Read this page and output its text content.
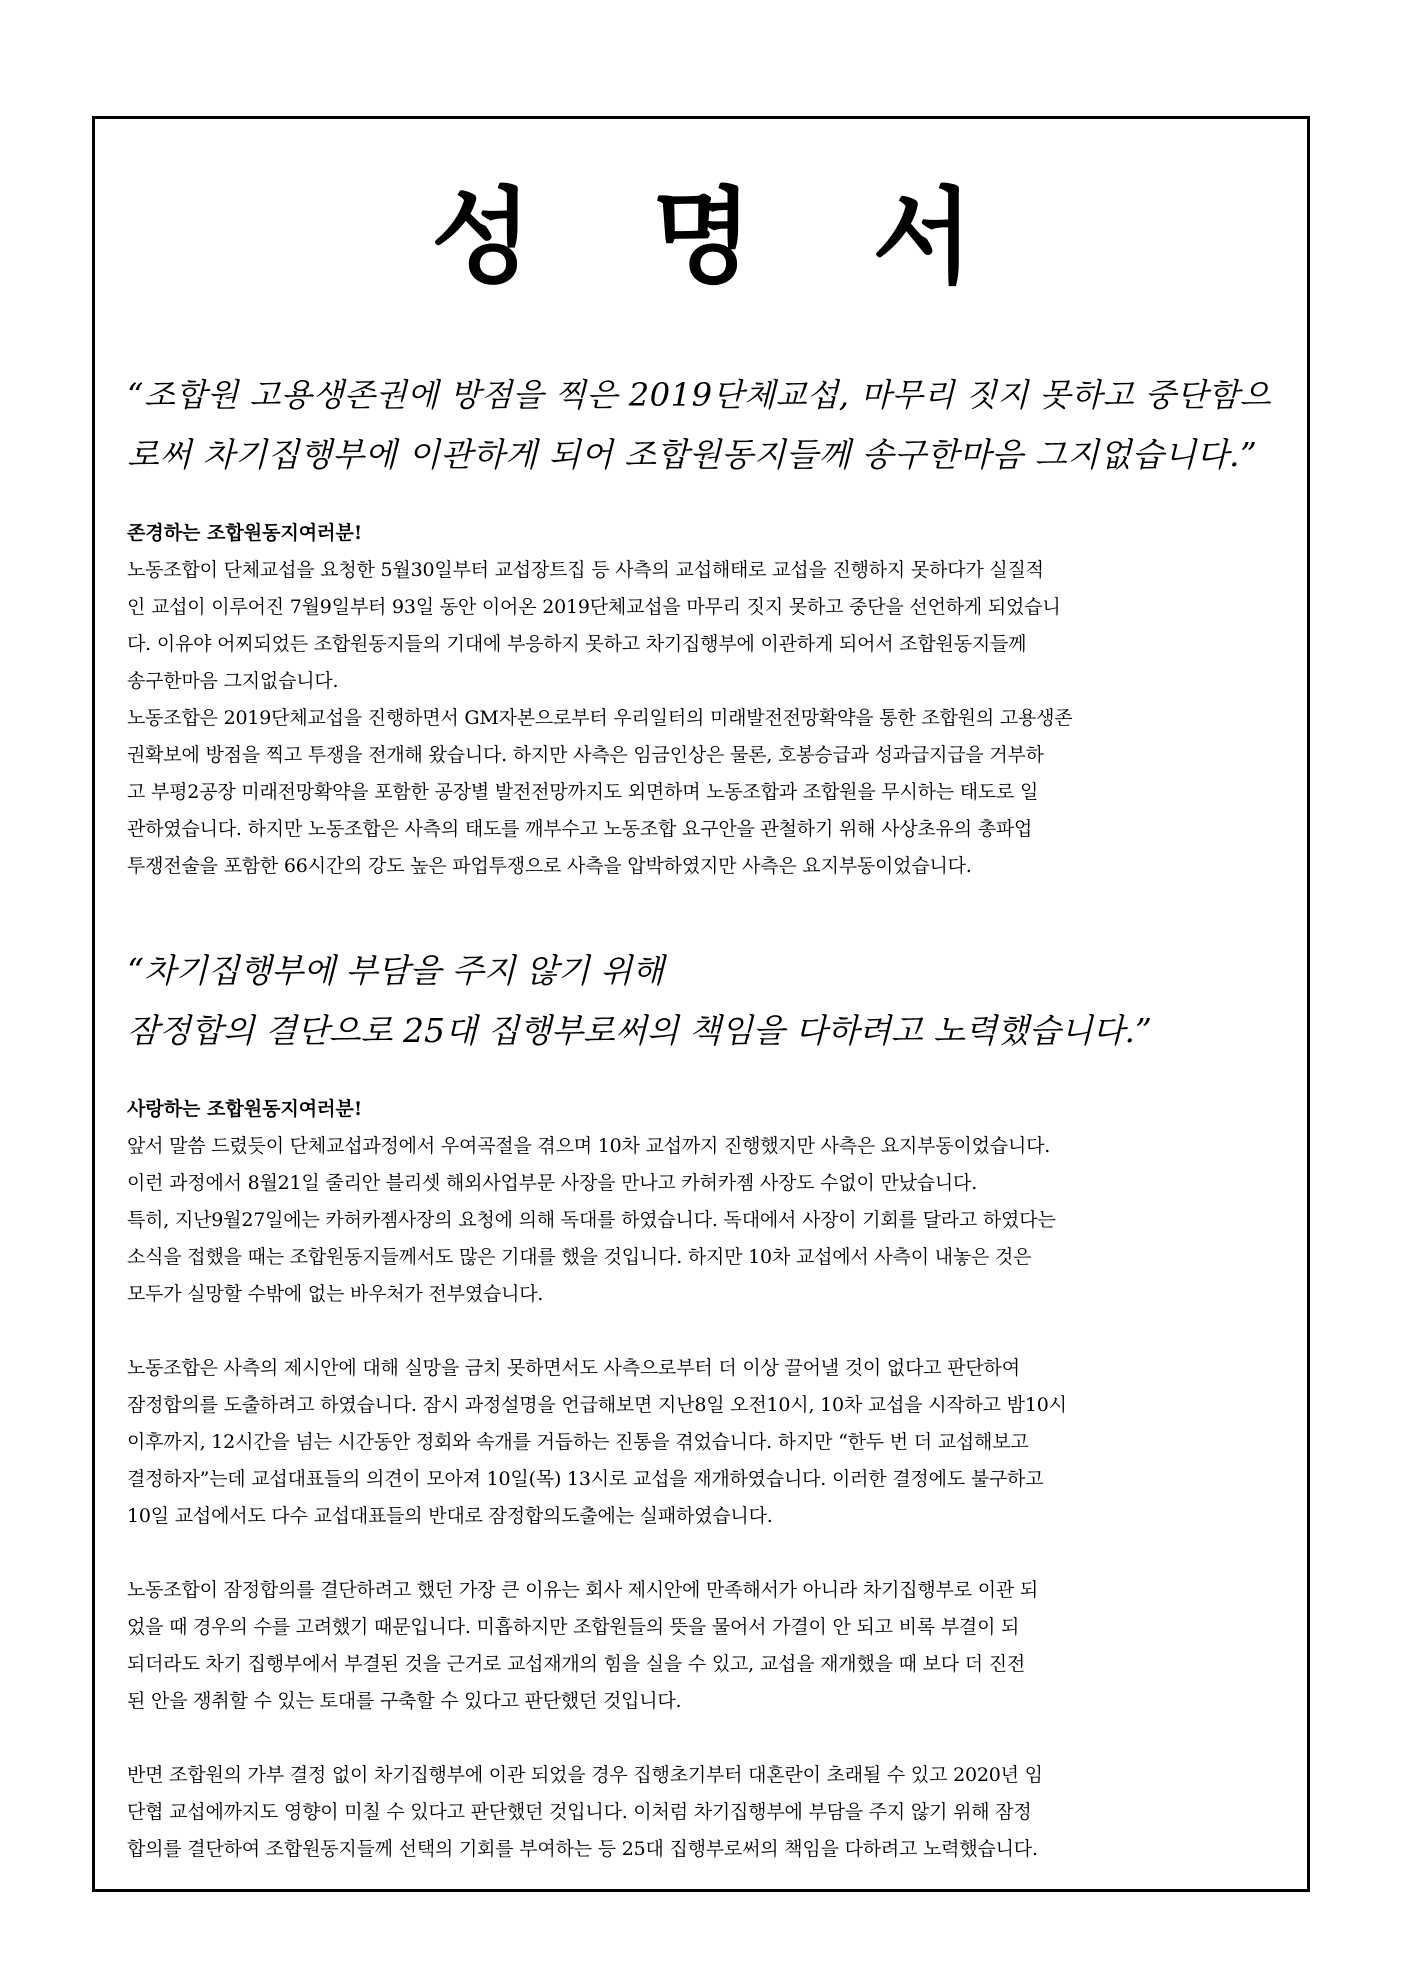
성 명 서

“조합원 고용생존권에 방점을 찍은 2019단체교섭, 마무리 짓지 못하고 중단함으
로써 차기집행부에 이관하게 되어 조합원동지들께 송구한마음 그지없습니다.”

존경하는 조합원동지여러분!

노동조합이 단체교섭을 요청한 5월30일부터 교섭장트집 등 사측의 교섭해태로 교섭을 진행하지 못하다가 실질적
인 교섭이 이루어진 7월9일부터 93일 동안 이어온 2019단체교섭을 마무리 짓지 못하고 중단을 선언하게 되었습니
다. 이유야 어찌되었든 조합원동지들의 기대에 부응하지 못하고 차기집행부에 이관하게 되어서 조합원동지들께
송구한마음 그지없습니다.

노동조합은 2019단체교섭을 진행하면서 GM자본으로부터 우리일터의 미래발전전망확약을 통한 조합원의 고용생존
권확보에 방점을 찍고 투쟁을 전개해 왔습니다. 하지만 사측은 임금인상은 물론, 호봉승급과 성과급지급을 거부하
고 부평2공장 미래전망확약을 포함한 공장별 발전전망까지도 외면하며 노동조합과 조합원을 무시하는 태도로 일
관하였습니다. 하지만 노동조합은 사측의 태도를 깨부수고 노동조합 요구안을 관철하기 위해 사상초유의 총파업
투쟁전술을 포함한 66시간의 강도 높은 파업투쟁으로 사측을 압박하였지만 사측은 요지부동이었습니다.

“차기집행부에 부담을 주지 않기 위해
잠정합의 결단으로 25대 집행부로써의 책임을 다하려고 노력했습니다.”

사랑하는 조합원동지여러분!

앞서 말씀 드렸듯이 단체교섭과정에서 우여곡절을 겪으며 10차 교섭까지 진행했지만 사측은 요지부동이었습니다.
이런 과정에서 8월21일 줄리안 블리셋 해외사업부문 사장을 만나고 카허카젬 사장도 수없이 만났습니다.
특히, 지난9월27일에는 카허카젬사장의 요청에 의해 독대를 하였습니다. 독대에서 사장이 기회를 달라고 하였다는
소식을 접했을 때는 조합원동지들께서도 많은 기대를 했을 것입니다. 하지만 10차 교섭에서 사측이 내놓은 것은
모두가 실망할 수밖에 없는 바우처가 전부였습니다.

노동조합은 사측의 제시안에 대해 실망을 금치 못하면서도 사측으로부터 더 이상 끌어낼 것이 없다고 판단하여
잠정합의를 도출하려고 하였습니다. 잠시 과정설명을 언급해보면 지난8일 오전10시, 10차 교섭을 시작하고 밤10시
이후까지, 12시간을 넘는 시간동안 정회와 속개를 거듭하는 진통을 겪었습니다. 하지만 “한두 번 더 교섭해보고
결정하자”는데 교섭대표들의 의견이 모아져 10일(목) 13시로 교섭을 재개하였습니다. 이러한 결정에도 불구하고
10일 교섭에서도 다수 교섭대표들의 반대로 잠정합의도출에는 실패하였습니다.

노동조합이 잠정합의를 결단하려고 했던 가장 큰 이유는 회사 제시안에 만족해서가 아니라 차기집행부로 이관 되
었을 때 경우의 수를 고려했기 때문입니다. 미흡하지만 조합원들의 뜻을 물어서 가결이 안 되고 비록 부결이 되
되더라도 차기 집행부에서 부결된 것을 근거로 교섭재개의 힘을 실을 수 있고, 교섭을 재개했을 때 보다 더 진전
된 안을 쟁취할 수 있는 토대를 구축할 수 있다고 판단했던 것입니다.

반면 조합원의 가부 결정 없이 차기집행부에 이관 되었을 경우 집행초기부터 대혼란이 초래될 수 있고 2020년 임
단협 교섭에까지도 영향이 미칠 수 있다고 판단했던 것입니다. 이처럼 차기집행부에 부담을 주지 않기 위해 잠정
합의를 결단하여 조합원동지들께 선택의 기회를 부여하는 등 25대 집행부로써의 책임을 다하려고 노력했습니다.
